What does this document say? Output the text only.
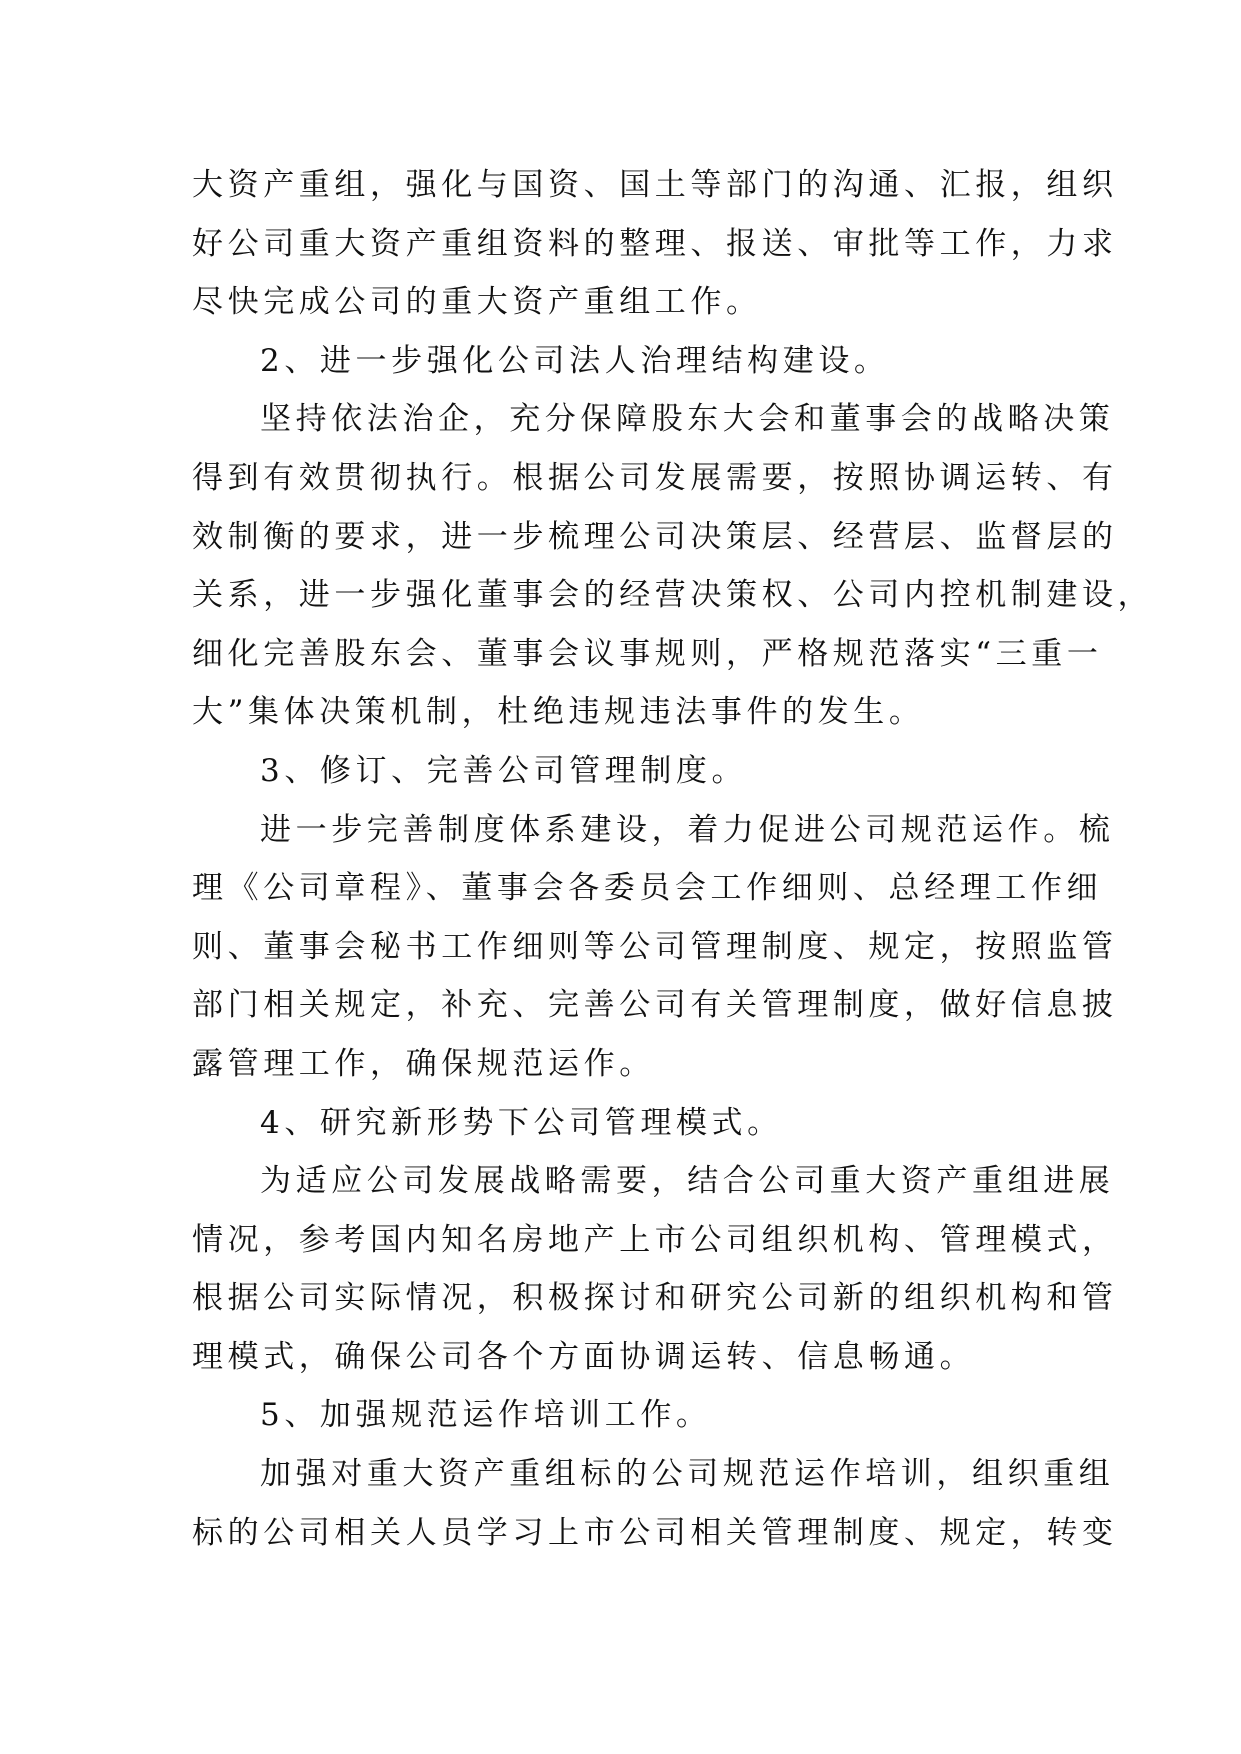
大资产重组，强化与国资、国土等部门的沟通、汇报，组织
好公司重大资产重组资料的整理、报送、审批等工作，力求
尽快完成公司的重大资产重组工作。
2、进一步强化公司法人治理结构建设。
坚持依法治企，充分保障股东大会和董事会的战略决策
得到有效贯彻执行。根据公司发展需要，按照协调运转、有
效制衡的要求，进一步梳理公司决策层、经营层、监督层的
关系，进一步强化董事会的经营决策权、公司内控机制建设，
细化完善股东会、董事会议事规则，严格规范落实“三重一
大”集体决策机制，杜绝违规违法事件的发生。
3、修订、完善公司管理制度。
进一步完善制度体系建设，着力促进公司规范运作。梳
理《公司章程》、董事会各委员会工作细则、总经理工作细
则、董事会秘书工作细则等公司管理制度、规定，按照监管
部门相关规定，补充、完善公司有关管理制度，做好信息披
露管理工作，确保规范运作。
4、研究新形势下公司管理模式。
为适应公司发展战略需要，结合公司重大资产重组进展
情况，参考国内知名房地产上市公司组织机构、管理模式，
根据公司实际情况，积极探讨和研究公司新的组织机构和管
理模式，确保公司各个方面协调运转、信息畅通。
5、加强规范运作培训工作。
加强对重大资产重组标的公司规范运作培训，组织重组
标的公司相关人员学习上市公司相关管理制度、规定，转变
